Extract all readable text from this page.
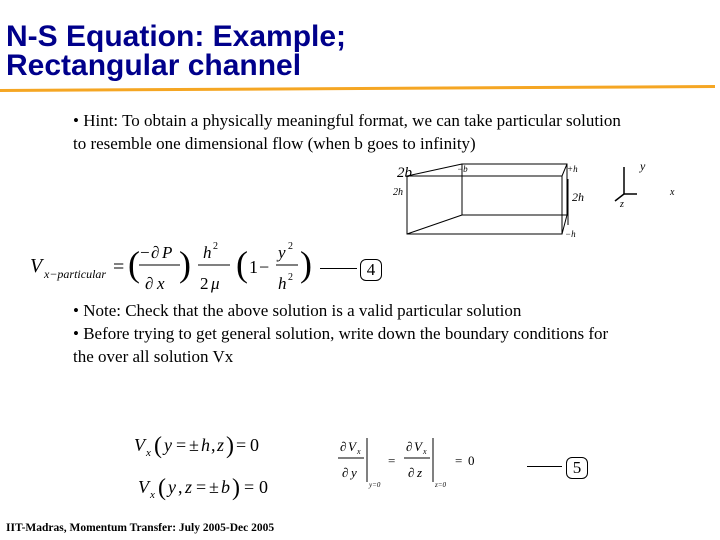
N-S Equation: Example;
Rectangular channel
• Hint: To obtain a physically meaningful format, we can take particular solution to resemble one dimensional flow (when b goes to infinity)
2b	−b	+h
2h	2h
−h
y
x
z
V x−particular = ( − ∂ P
∂ x ) h 2
2 μ ( 1 −
y 2
h 2 )	4

• Note: Check that the above solution is a valid particular solution

• Before trying to get general solution, write down the boundary conditions for the over all solution Vx

V x ( y = ± h , z ) = 0
V x ( y , z = ± b ) = 0
∂ V x
∂ y
y=0
=
∂ V x
∂ z
z=0
= 0	5
IIT-Madras, Momentum Transfer: July 2005-Dec 2005
